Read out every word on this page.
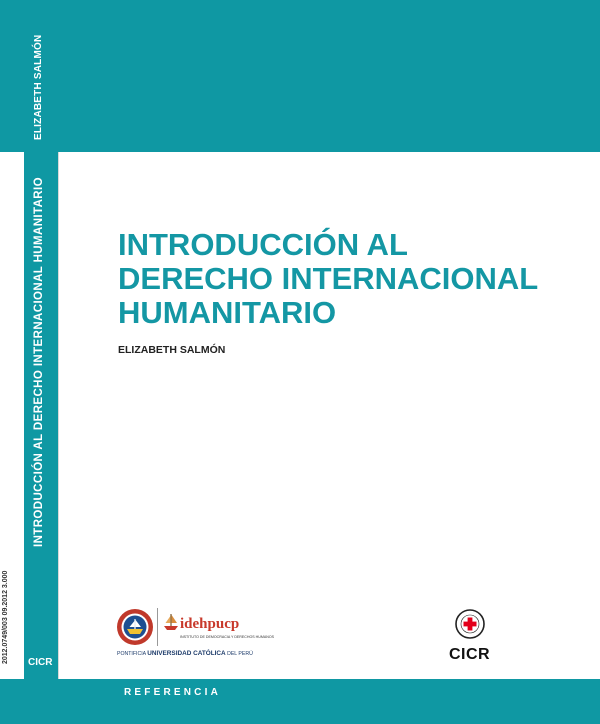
ELIZABETH SALMÓN
INTRODUCCIÓN AL DERECHO INTERNACIONAL HUMANITARIO
2012.0749/003 09.2012 3.000 CICR
INTRODUCCIÓN AL
DERECHO INTERNACIONAL
HUMANITARIO
ELIZABETH SALMÓN
idehpucp
INSTITUTO DE DEMOCRACIA Y DERECHOS HUMANOS
PONTIFICIA UNIVERSIDAD CATÓLICA DEL PERÚ	CICR
REFERENCIA
